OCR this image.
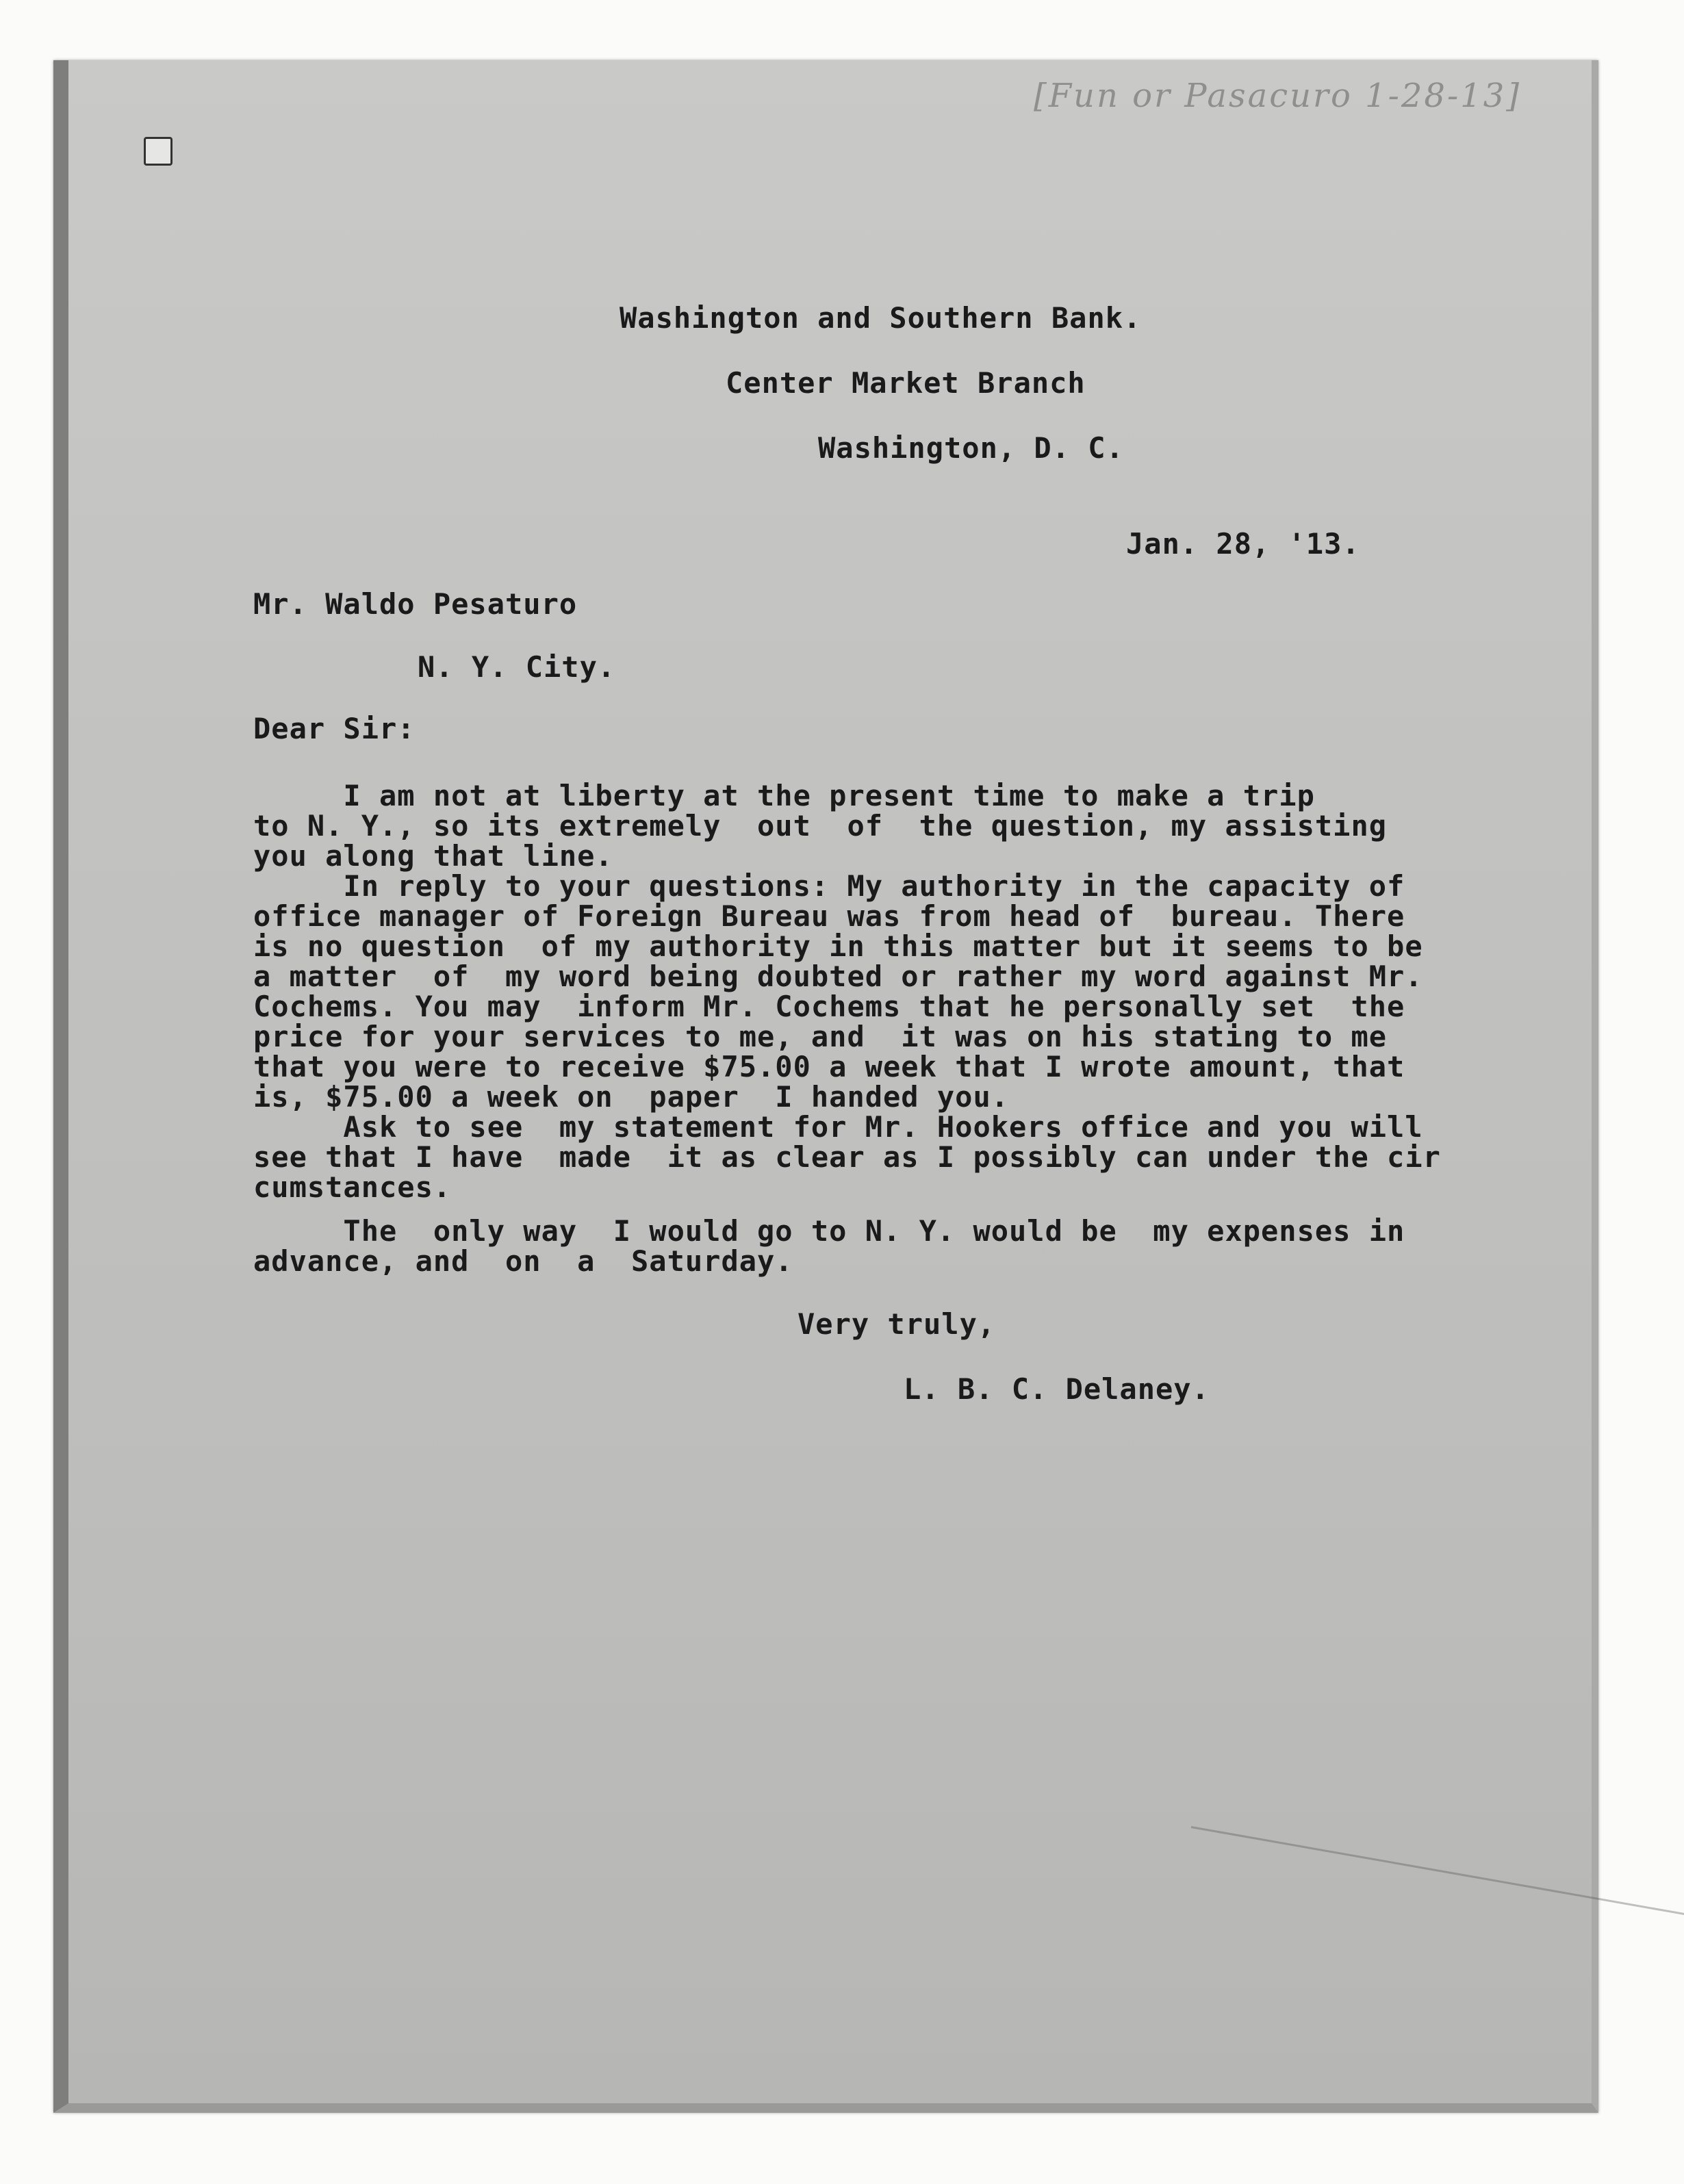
[Fun or Pasacuro 1-28-13]
Washington and Southern Bank.
Center Market Branch
Washington, D. C.
Jan. 28, '13.
Mr. Waldo Pesaturo
N. Y. City.
Dear Sir:
I am not at liberty at the present time to make a trip
to N. Y., so its extremely  out  of  the question, my assisting
you along that line.
In reply to your questions: My authority in the capacity of
office manager of Foreign Bureau was from head of  bureau. There
is no question  of my authority in this matter but it seems to be
a matter  of  my word being doubted or rather my word against Mr.
Cochems. You may  inform Mr. Cochems that he personally set  the
price for your services to me, and  it was on his stating to me
that you were to receive $75.00 a week that I wrote amount, that
is, $75.00 a week on  paper  I handed you.
Ask to see  my statement for Mr. Hookers office and you will
see that I have  made  it as clear as I possibly can under the cir
cumstances.
The  only way  I would go to N. Y. would be  my expenses in
advance, and  on  a  Saturday.
Very truly,
L. B. C. Delaney.
